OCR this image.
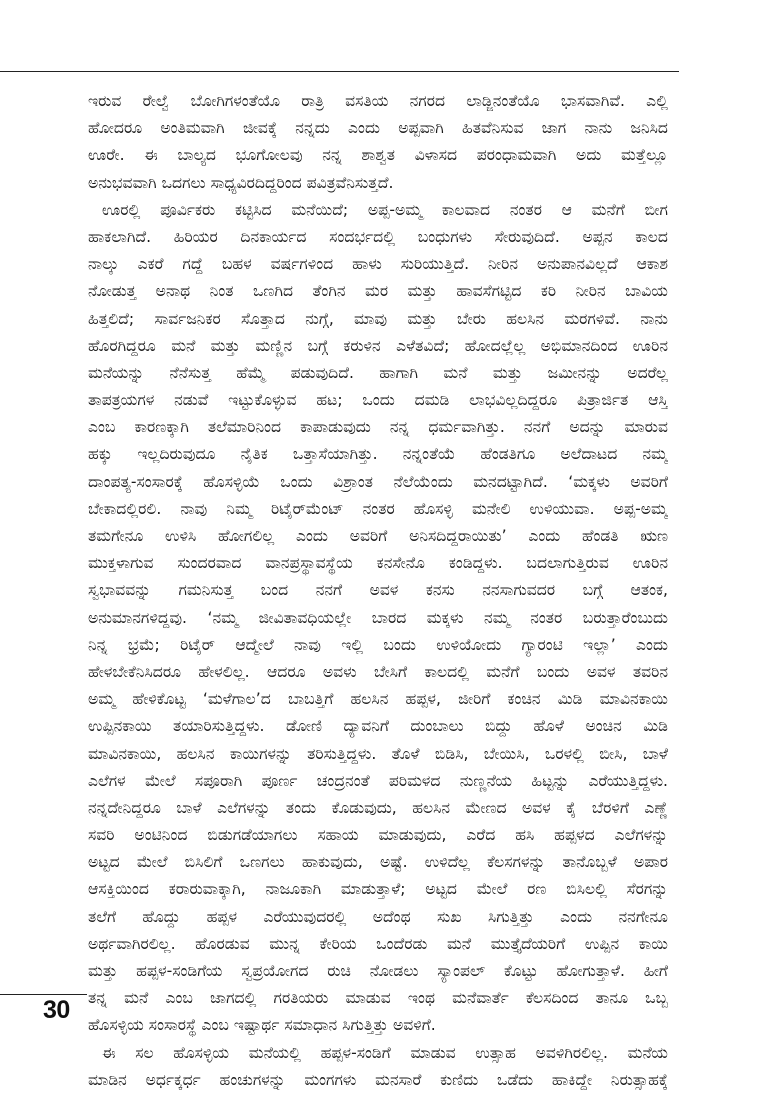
ಇರುವ ರೇಲ್ವೆ ಬೋಗಿಗಳಂತೆಯೊ ರಾತ್ರಿ ವಸತಿಯ ನಗರದ ಲಾಡ್ಜಿನಂತೆಯೊ ಭಾಸವಾಗಿವೆ. ಎಲ್ಲಿ
ಹೋದರೂ ಅಂತಿಮವಾಗಿ ಜೀವಕ್ಕೆ ನನ್ನದು ಎಂದು ಅಪ್ಪವಾಗಿ ಹಿತವೆನಿಸುವ ಜಾಗ ನಾನು ಜನಿಸಿದ
ಊರೇ. ಈ ಬಾಲ್ಯದ ಭೂಗೋಲವು ನನ್ನ ಶಾಶ್ವತ ವಿಳಾಸದ ಪರಂಧಾಮವಾಗಿ ಅದು ಮತ್ತೆಲ್ಲೂ
ಅನುಭವವಾಗಿ ಒದಗಲು ಸಾಧ್ಯವಿರದಿದ್ದರಿಂದ ಪವಿತ್ರವೆನಿಸುತ್ತದೆ.
ಊರಲ್ಲಿ ಪೂರ್ವಿಕರು ಕಟ್ಟಿಸಿದ ಮನೆಯಿದೆ; ಅಪ್ಪ-ಅಮ್ಮ ಕಾಲವಾದ ನಂತರ ಆ ಮನೆಗೆ ಬೀಗ
ಹಾಕಲಾಗಿದೆ. ಹಿರಿಯರ ದಿನಕಾರ್ಯದ ಸಂದರ್ಭದಲ್ಲಿ ಬಂಧುಗಳು ಸೇರುವುದಿದೆ. ಅಪ್ಪನ ಕಾಲದ
ನಾಲ್ಕು ಎಕರೆ ಗದ್ದೆ ಬಹಳ ವರ್ಷಗಳಿಂದ ಹಾಳು ಸುರಿಯುತ್ತಿದೆ. ನೀರಿನ ಅನುಪಾನವಿಲ್ಲದೆ ಆಕಾಶ
ನೋಡುತ್ತ ಅನಾಥ ನಿಂತ ಒಣಗಿದ ತೆಂಗಿನ ಮರ ಮತ್ತು ಹಾವಸೆಗಟ್ಟಿದ ಕರಿ ನೀರಿನ ಬಾವಿಯ
ಹಿತ್ತಲಿದೆ; ಸಾರ್ವಜನಿಕರ ಸೊತ್ತಾದ ನುಗ್ಗೆ, ಮಾವು ಮತ್ತು ಬೇರು ಹಲಸಿನ ಮರಗಳಿವೆ. ನಾನು
ಹೊರಗಿದ್ದರೂ ಮನೆ ಮತ್ತು ಮಣ್ಣಿನ ಬಗ್ಗೆ ಕರುಳಿನ ಎಳೆತವಿದೆ; ಹೋದಲ್ಲೆಲ್ಲ ಅಭಿಮಾನದಿಂದ ಊರಿನ
ಮನೆಯನ್ನು ನೆನೆಸುತ್ತ ಹೆಮ್ಮೆ ಪಡುವುದಿದೆ. ಹಾಗಾಗಿ ಮನೆ ಮತ್ತು ಜಮೀನನ್ನು ಅದರೆಲ್ಲ
ತಾಪತ್ರಯಗಳ ನಡುವೆ ಇಟ್ಟುಕೊಳ್ಳುವ ಹಟ; ಒಂದು ದಮಡಿ ಲಾಭವಿಲ್ಲದಿದ್ದರೂ ಪಿತ್ರಾರ್ಜಿತ ಆಸ್ತಿ
ಎಂಬ ಕಾರಣಕ್ಕಾಗಿ ತಲೆಮಾರಿನಿಂದ ಕಾಪಾಡುವುದು ನನ್ನ ಧರ್ಮವಾಗಿತ್ತು. ನನಗೆ ಅದನ್ನು ಮಾರುವ
ಹಕ್ಕು ಇಲ್ಲದಿರುವುದೂ ನೈತಿಕ ಒತ್ತಾಸೆಯಾಗಿತ್ತು. ನನ್ನಂತೆಯೆ ಹೆಂಡತಿಗೂ ಅಲೆದಾಟದ ನಮ್ಮ
ದಾಂಪತ್ಯ-ಸಂಸಾರಕ್ಕೆ ಹೊಸಳ್ಳಿಯೆ ಒಂದು ವಿಶ್ರಾಂತ ನೆಲೆಯೆಂದು ಮನದಟ್ಟಾಗಿದೆ. ‘ಮಕ್ಕಳು ಅವರಿಗೆ
ಬೇಕಾದಲ್ಲಿರಲಿ. ನಾವು ನಿಮ್ಮ ರಿಟೈರ್‌ಮೆಂಟ್ ನಂತರ ಹೊಸಳ್ಳಿ ಮನೇಲಿ ಉಳಿಯುವಾ. ಅಪ್ಪ-ಅಮ್ಮ
ತಮಗೇನೂ ಉಳಿಸಿ ಹೋಗಲಿಲ್ಲ ಎಂದು ಅವರಿಗೆ ಅನಿಸದಿದ್ದರಾಯಿತು’ ಎಂದು ಹೆಂಡತಿ ಋಣ
ಮುಕ್ತಳಾಗುವ ಸುಂದರವಾದ ವಾನಪ್ರಸ್ಥಾವಸ್ಥೆಯ ಕನಸೇನೊ ಕಂಡಿದ್ದಳು. ಬದಲಾಗುತ್ತಿರುವ ಊರಿನ
ಸ್ವಭಾವವನ್ನು ಗಮನಿಸುತ್ತ ಬಂದ ನನಗೆ ಅವಳ ಕನಸು ನನಸಾಗುವದರ ಬಗ್ಗೆ ಆತಂಕ,
ಅನುಮಾನಗಳಿದ್ದವು. ‘ನಮ್ಮ ಜೀವಿತಾವಧಿಯಲ್ಲೇ ಬಾರದ ಮಕ್ಕಳು ನಮ್ಮ ನಂತರ ಬರುತ್ತಾರೆಂಬುದು
ನಿನ್ನ ಭ್ರಮೆ; ರಿಟೈರ್ ಆದ್ಮೇಲೆ ನಾವು ಇಲ್ಲಿ ಬಂದು ಉಳಿಯೋದು ಗ್ಯಾರಂಟಿ ಇಲ್ಲಾ’ ಎಂದು
ಹೇಳಬೇಕೆನಿಸಿದರೂ ಹೇಳಲಿಲ್ಲ. ಆದರೂ ಅವಳು ಬೇಸಿಗೆ ಕಾಲದಲ್ಲಿ ಮನೆಗೆ ಬಂದು ಅವಳ ತವರಿನ
ಅಮ್ಮ ಹೇಳಿಕೊಟ್ಟ ‘ಮಳೆಗಾಲ’ದ ಬಾಬತ್ತಿಗೆ ಹಲಸಿನ ಹಪ್ಪಳ, ಜೀರಿಗೆ ಕಂಚಿನ ಮಿಡಿ ಮಾವಿನಕಾಯಿ
ಉಪ್ಪಿನಕಾಯಿ ತಯಾರಿಸುತ್ತಿದ್ದಳು. ಡೋಣಿ ದ್ಯಾವನಿಗೆ ದುಂಬಾಲು ಬಿದ್ದು ಹೊಳೆ ಅಂಚಿನ ಮಿಡಿ
ಮಾವಿನಕಾಯಿ, ಹಲಸಿನ ಕಾಯಿಗಳನ್ನು ತರಿಸುತ್ತಿದ್ದಳು. ತೊಳೆ ಬಿಡಿಸಿ, ಬೇಯಿಸಿ, ಒರಳಲ್ಲಿ ಬೀಸಿ, ಬಾಳೆ
ಎಲೆಗಳ ಮೇಲೆ ಸಪೂರಾಗಿ ಪೂರ್ಣ ಚಂದ್ರನಂತೆ ಪರಿಮಳದ ನುಣ್ಣನೆಯ ಹಿಟ್ಟನ್ನು ಎರೆಯುತ್ತಿದ್ದಳು.
ನನ್ನದೇನಿದ್ದರೂ ಬಾಳೆ ಎಲೆಗಳನ್ನು ತಂದು ಕೊಡುವುದು, ಹಲಸಿನ ಮೇಣದ ಅವಳ ಕೈ ಬೆರಳಿಗೆ ಎಣ್ಣೆ
ಸವರಿ ಅಂಟಿನಿಂದ ಬಿಡುಗಡೆಯಾಗಲು ಸಹಾಯ ಮಾಡುವುದು, ಎರೆದ ಹಸಿ ಹಪ್ಪಳದ ಎಲೆಗಳನ್ನು
ಅಟ್ಟದ ಮೇಲೆ ಬಿಸಿಲಿಗೆ ಒಣಗಲು ಹಾಕುವುದು, ಅಷ್ಟೆ. ಉಳಿದೆಲ್ಲ ಕೆಲಸಗಳನ್ನು ತಾನೊಬ್ಬಳೆ ಅಪಾರ
ಆಸಕ್ತಿಯಿಂದ ಕರಾರುವಾಕ್ಕಾಗಿ, ನಾಜೂಕಾಗಿ ಮಾಡುತ್ತಾಳೆ; ಅಟ್ಟದ ಮೇಲೆ ರಣ ಬಿಸಿಲಲ್ಲಿ ಸೆರಗನ್ನು
ತಲೆಗೆ ಹೊದ್ದು ಹಪ್ಪಳ ಎರೆಯುವುದರಲ್ಲಿ ಅದೆಂಥ ಸುಖ ಸಿಗುತ್ತಿತ್ತು ಎಂದು ನನಗೇನೂ
ಅರ್ಥವಾಗಿರಲಿಲ್ಲ. ಹೊರಡುವ ಮುನ್ನ ಕೇರಿಯ ಒಂದೆರಡು ಮನೆ ಮುತ್ತೈದೆಯರಿಗೆ ಉಪ್ಪಿನ ಕಾಯಿ
ಮತ್ತು ಹಪ್ಪಳ-ಸಂಡಿಗೆಯ ಸ್ವಪ್ರಯೋಗದ ರುಚಿ ನೋಡಲು ಸ್ಯಾಂಪಲ್ ಕೊಟ್ಟು ಹೋಗುತ್ತಾಳೆ. ಹೀಗೆ
ತನ್ನ ಮನೆ ಎಂಬ ಜಾಗದಲ್ಲಿ ಗರತಿಯರು ಮಾಡುವ ಇಂಥ ಮನೆವಾರ್ತೆ ಕೆಲಸದಿಂದ ತಾನೂ ಒಬ್ಬ
ಹೊಸಳ್ಳಿಯ ಸಂಸಾರಸ್ಥೆ ಎಂಬ ಇಷ್ಟಾರ್ಥ ಸಮಾಧಾನ ಸಿಗುತ್ತಿತ್ತು ಅವಳಿಗೆ.
ಈ ಸಲ ಹೊಸಳ್ಳಿಯ ಮನೆಯಲ್ಲಿ ಹಪ್ಪಳ-ಸಂಡಿಗೆ ಮಾಡುವ ಉತ್ಸಾಹ ಅವಳಿಗಿರಲಿಲ್ಲ. ಮನೆಯ
ಮಾಡಿನ ಅರ್ಧಕ್ಕರ್ಧ ಹಂಚುಗಳನ್ನು ಮಂಗಗಳು ಮನಸಾರೆ ಕುಣಿದು ಒಡೆದು ಹಾಕಿದ್ದೇ ನಿರುತ್ಸಾಹಕ್ಕೆ
30
